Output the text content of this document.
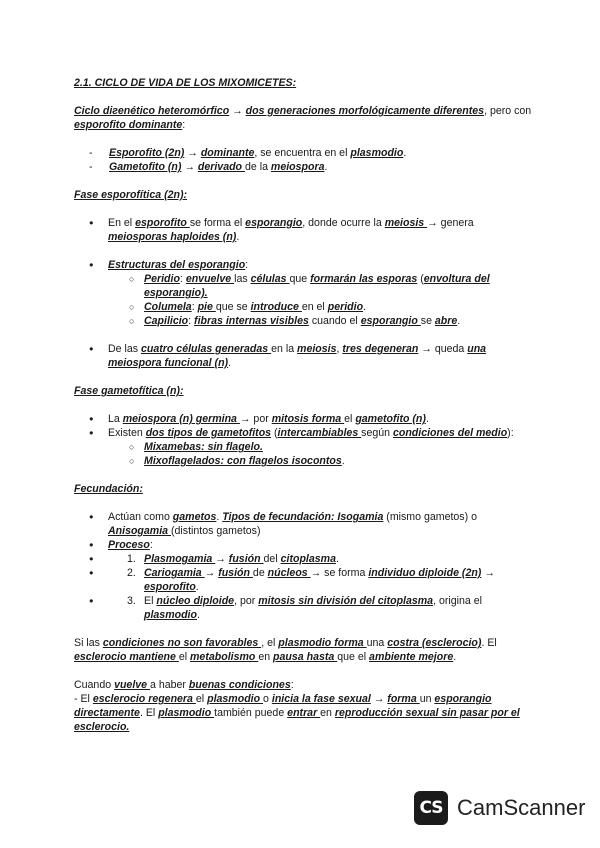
2.1. CICLO DE VIDA DE LOS MIXOMICETES:

Ciclo diгenético heteromórfico → dos generaciones morfológicamente diferentes, pero con esporofito dominante:

- Esporofito (2n) → dominante, se encuentra en el plasmodio.
- Gametofito (n) → derivado de la meiospora.

Fase esporofítica (2n):

● En el esporofito se forma el esporangio, donde ocurre la meiosis → genera meiosporas haploides (n).
● Estructuras del esporangio:
○ Peridio: envuelve las células que formarán las esporas (envoltura del esporangio).
○ Columela: pie que se introduce en el peridio.
○ Capilicio: fibras internas visibles cuando el esporangio se abre.
● De las cuatro células generadas en la meiosis, tres degeneran → queda una meiospora funcional (n).

Fase gametofítica (n):

● La meiospora (n) germina → por mitosis forma el gametofito (n).
● Existen dos tipos de gametofitos (intercambiables según condiciones del medio):
○ Mixamebas: sin flagelo.
○ Mixoflagelados: con flagelos isocontos.

Fecundación:

● Actúan como gametos. Tipos de fecundación: Isogamia (mismo gametos) o Anisogamia (distintos gametos)
● Proceso:
● 1. Plasmogamia → fusión del citoplasma.
● 2. Cariogamia → fusión de núcleos → se forma individuo diploide (2n) → esporofito.
● 3. El núcleo diploide, por mitosis sin división del citoplasma, origina el plasmodio.

Si las condiciones no son favorables , el plasmodio forma una costra (esclerocio). El esclerocio mantiene el metabolismo en pausa hasta que el ambiente mejore.

Cuando vuelve a haber buenas condiciones:

- El esclerocio regenera el plasmodio o inicia la fase sexual → forma un esporangio directamente. El plasmodio también puede entrar en reproducción sexual sin pasar por el esclerocio.

CS CamScanner
